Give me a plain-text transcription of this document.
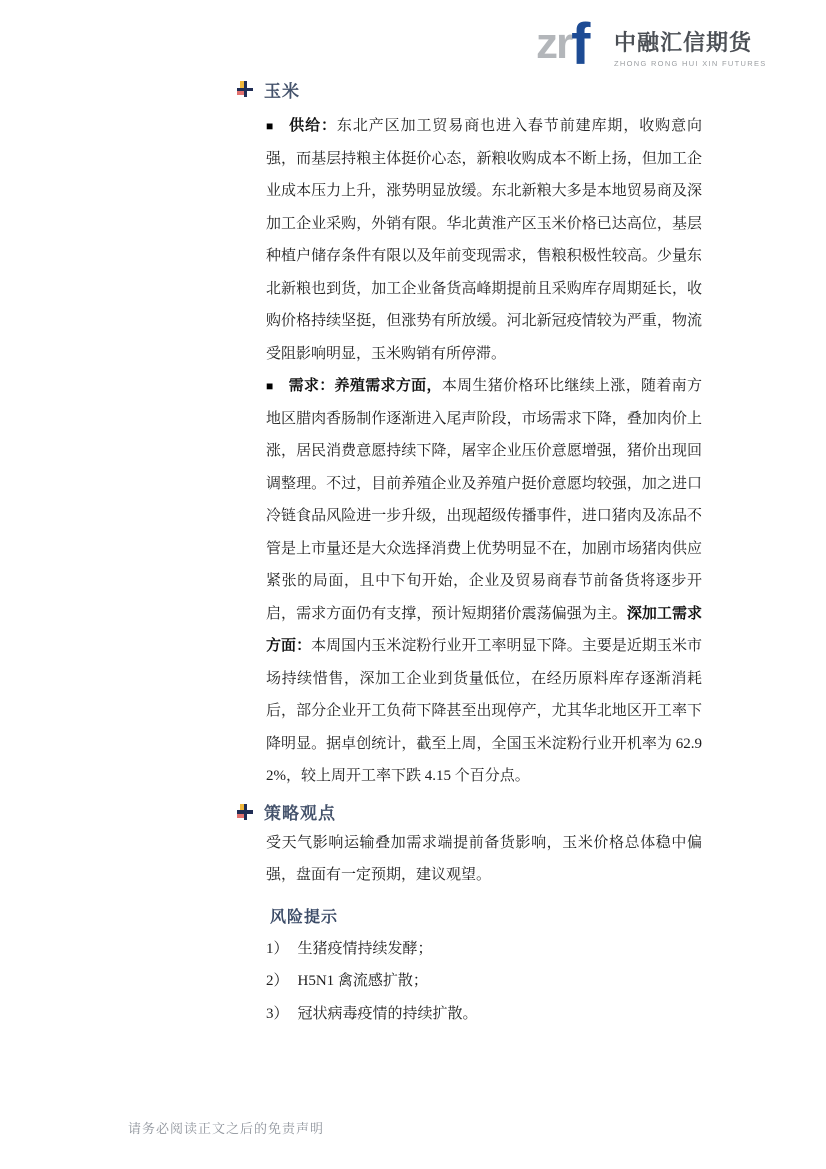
zrf 中融汇信期货
ZHONG RONG HUI XIN FUTURES
玉米

■ 供给：东北产区加工贸易商也进入春节前建库期，收购意向强，而基层持粮主体挺价心态，新粮收购成本不断上扬，但加工企业成本压力上升，涨势明显放缓。东北新粮大多是本地贸易商及深加工企业采购，外销有限。华北黄淮产区玉米价格已达高位，基层种植户储存条件有限以及年前变现需求，售粮积极性较高。少量东北新粮也到货，加工企业备货高峰期提前且采购库存周期延长，收购价格持续坚挺，但涨势有所放缓。河北新冠疫情较为严重，物流受阻影响明显，玉米购销有所停滞。

■ 需求：养殖需求方面，本周生猪价格环比继续上涨，随着南方地区腊肉香肠制作逐渐进入尾声阶段，市场需求下降，叠加肉价上涨，居民消费意愿持续下降，屠宰企业压价意愿增强，猪价出现回调整理。不过，目前养殖企业及养殖户挺价意愿均较强，加之进口冷链食品风险进一步升级，出现超级传播事件，进口猪肉及冻品不管是上市量还是大众选择消费上优势明显不在，加剧市场猪肉供应紧张的局面，且中下旬开始，企业及贸易商春节前备货将逐步开启，需求方面仍有支撑，预计短期猪价震荡偏强为主。深加工需求方面：本周国内玉米淀粉行业开工率明显下降。主要是近期玉米市场持续惜售，深加工企业到货量低位，在经历原料库存逐渐消耗后，部分企业开工负荷下降甚至出现停产，尤其华北地区开工率下降明显。据卓创统计，截至上周，全国玉米淀粉行业开机率为 62.92%，较上周开工率下跌 4.15 个百分点。

策略观点

受天气影响运输叠加需求端提前备货影响，玉米价格总体稳中偏强，盘面有一定预期，建议观望。

风险提示
1） 生猪疫情持续发酵；
2） H5N1 禽流感扩散；
3） 冠状病毒疫情的持续扩散。
请务必阅读正文之后的免责声明
